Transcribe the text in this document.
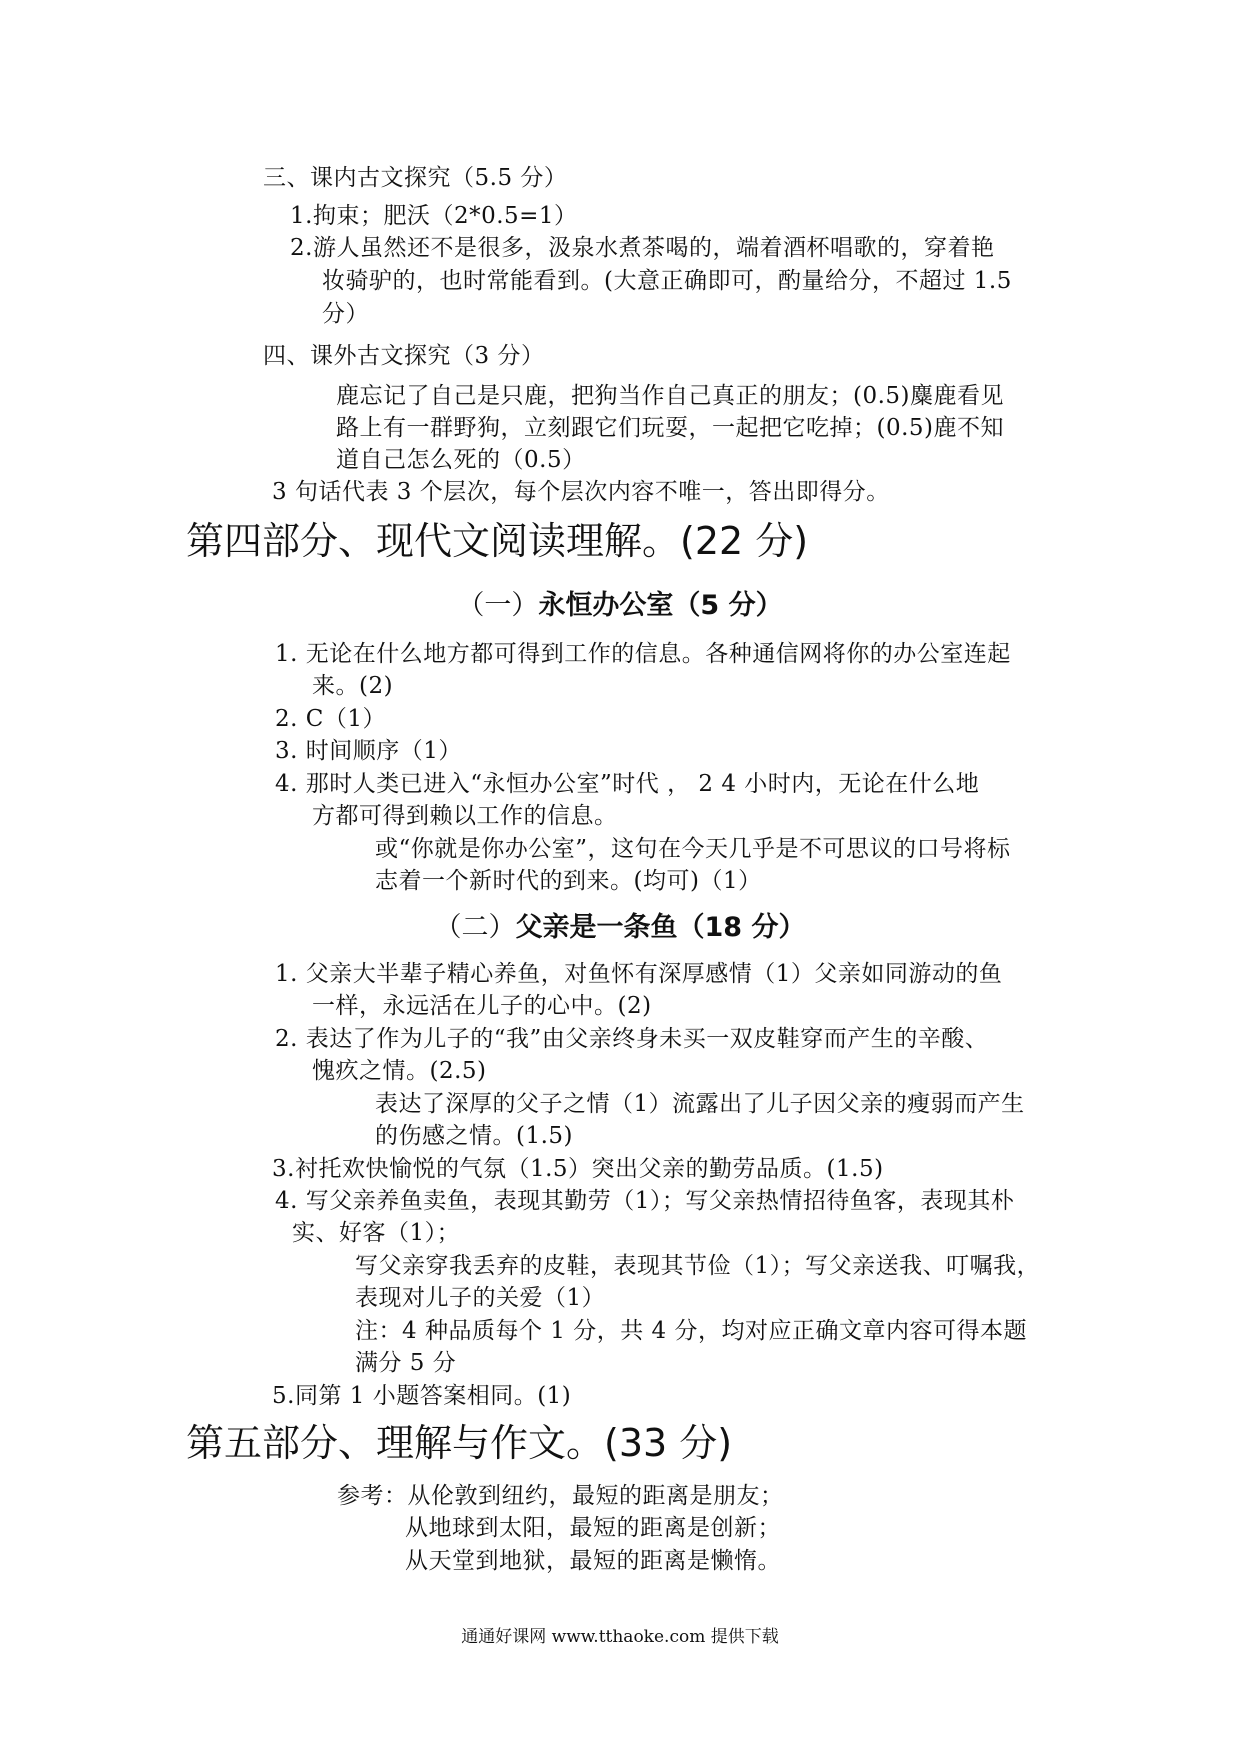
三、课内古文探究（5.5 分）
1.拘束；肥沃（2*0.5=1）
2.游人虽然还不是很多，汲泉水煮茶喝的，端着酒杯唱歌的，穿着艳
妆骑驴的，也时常能看到。(大意正确即可，酌量给分，不超过 1.5
分）
四、课外古文探究（3 分）
鹿忘记了自己是只鹿，把狗当作自己真正的朋友；(0.5)麋鹿看见
路上有一群野狗，立刻跟它们玩耍，一起把它吃掉；(0.5)鹿不知
道自己怎么死的（0.5）
3 句话代表 3 个层次，每个层次内容不唯一，答出即得分。
第四部分、现代文阅读理解。(22 分)
（一）永恒办公室（5 分）
1. 无论在什么地方都可得到工作的信息。各种通信网将你的办公室连起
来。(2)
2. C（1）
3. 时间顺序（1）
4. 那时人类已进入“永恒办公室”时代 ， 2 4 小时内，无论在什么地
方都可得到赖以工作的信息。
或“你就是你办公室”，这句在今天几乎是不可思议的口号将标
志着一个新时代的到来。(均可)（1）
（二）父亲是一条鱼（18 分）
1. 父亲大半辈子精心养鱼，对鱼怀有深厚感情（1）父亲如同游动的鱼
一样，永远活在儿子的心中。(2)
2. 表达了作为儿子的“我”由父亲终身未买一双皮鞋穿而产生的辛酸、
愧疚之情。(2.5)
表达了深厚的父子之情（1）流露出了儿子因父亲的瘦弱而产生
的伤感之情。(1.5)
3.衬托欢快愉悦的气氛（1.5）突出父亲的勤劳品质。(1.5)
4. 写父亲养鱼卖鱼，表现其勤劳（1）；写父亲热情招待鱼客，表现其朴
实、好客（1）；
写父亲穿我丢弃的皮鞋，表现其节俭（1）；写父亲送我、叮嘱我，
表现对儿子的关爱（1）
注：4 种品质每个 1 分，共 4 分，均对应正确文章内容可得本题
满分 5 分
5.同第 1 小题答案相同。(1)
第五部分、理解与作文。(33 分)
参考：从伦敦到纽约，最短的距离是朋友；
从地球到太阳，最短的距离是创新；
从天堂到地狱，最短的距离是懒惰。
通通好课网 www.tthaoke.com 提供下载
